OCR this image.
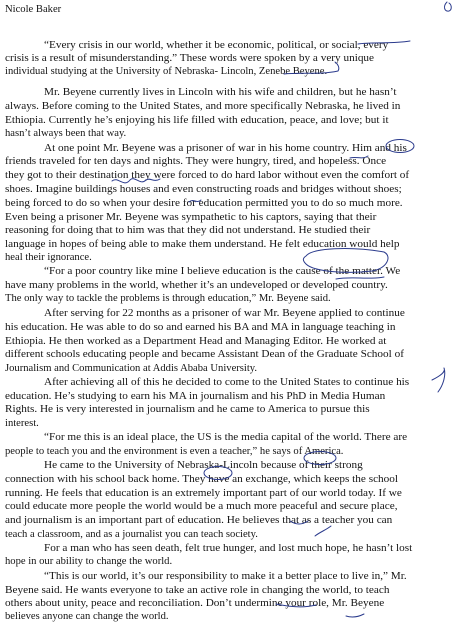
Nicole Baker
“Every crisis in our world, whether it be economic, political, or social, every
crisis is a result of misunderstanding.” These words were spoken by a very unique
individual studying at the University of Nebraska- Lincoln, Zenebe Beyene.
Mr. Beyene currently lives in Lincoln with his wife and children, but he hasn’t
always. Before coming to the United States, and more specifically Nebraska, he lived in
Ethiopia. Currently he’s enjoying his life filled with education, peace, and love; but it
hasn’t always been that way.
At one point Mr. Beyene was a prisoner of war in his home country. Him and his
friends traveled for ten days and nights. They were hungry, tired, and hopeless. Once
they got to their destination they were forced to do hard labor without even the comfort of
shoes. Imagine buildings houses and even constructing roads and bridges without shoes;
being forced to do so when your desire for education permitted you to do so much more.
Even being a prisoner Mr. Beyene was sympathetic to his captors, saying that their
reasoning for doing that to him was that they did not understand. He studied their
language in hopes of being able to make them understand. He felt education would help
heal their ignorance.
“For a poor country like mine I believe education is the cause of the matter. We
have many problems in the world, whether it’s an undeveloped or developed country.
The only way to tackle the problems is through education,” Mr. Beyene said.
After serving for 22 months as a prisoner of war Mr. Beyene applied to continue
his education. He was able to do so and earned his BA and MA in language teaching in
Ethiopia. He then worked as a Department Head and Managing Editor. He worked at
different schools educating people and became Assistant Dean of the Graduate School of
Journalism and Communication at Addis Ababa University.
After achieving all of this he decided to come to the United States to continue his
education. He’s studying to earn his MA in journalism and his PhD in Media Human
Rights. He is very interested in journalism and he came to America to pursue this
interest.
“For me this is an ideal place, the US is the media capital of the world. There are
people to teach you and the environment is even a teacher,” he says of America.
He came to the University of Nebraska-Lincoln because of their strong
connection with his school back home. They have an exchange, which keeps the school
running. He feels that education is an extremely important part of our world today. If we
could educate more people the world would be a much more peaceful and secure place,
and journalism is an important part of education. He believes that as a teacher you can
teach a classroom, and as a journalist you can teach society.
For a man who has seen death, felt true hunger, and lost much hope, he hasn’t lost
hope in our ability to change the world.
“This is our world, it’s our responsibility to make it a better place to live in,” Mr.
Beyene said. He wants everyone to take an active role in changing the world, to teach
others about unity, peace and reconciliation. Don’t undermine your role, Mr. Beyene
believes anyone can change the world.
